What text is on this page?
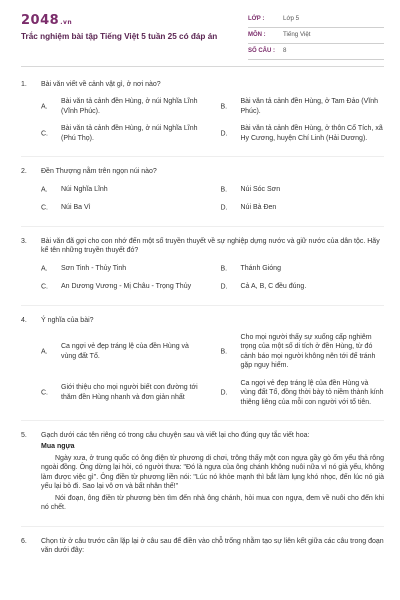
2048.vn
Trắc nghiệm bài tập Tiếng Việt 5 tuần 25 có đáp án
LỚP :	Lớp 5
MÔN :	Tiếng Việt
SỐ CÂU :	8
1. Bài văn viết về cảnh vật gì, ở nơi nào?
A.
Bài văn tả cảnh đền Hùng, ở núi Nghĩa Lĩnh (Vĩnh Phúc).
B.
Bài văn tả cảnh đền Hùng, ở Tam Đảo (Vĩnh Phúc).
C.
Bài văn tả cảnh đền Hùng, ở núi Nghĩa Lĩnh (Phú Thọ).
D.
Bài văn tả cảnh đền Hùng, ở thôn Cổ Tích, xã Hy Cương, huyện Chí Linh (Hải Dương).
2. Đền Thượng nằm trên ngọn núi nào?
A. Núi Nghĩa Lĩnh	B. Núi Sóc Sơn
C. Núi Ba Vì	D. Núi Bà Đen
3. Bài văn đã gợi cho con nhớ đến một số truyền thuyết về sự nghiệp dựng nước và giữ nước của dân tộc. Hãy kể tên những truyền thuyết đó?
A. Sơn Tinh - Thủy Tinh	B. Thánh Gióng
C. An Dương Vương - Mị Châu - Trọng Thủy	D. Cả A, B, C đều đúng.
4. Ý nghĩa của bài?
A.
Ca ngợi vẻ đẹp tráng lệ của đền Hùng và vùng đất Tổ.
B.
Cho mọi người thấy sự xuống cấp nghiêm trọng của một số di tích ở đền Hùng, từ đó cảnh báo mọi người không nên tới để tránh gặp nguy hiểm.
C.
Giới thiệu cho mọi người biết con đường tới thăm đền Hùng nhanh và đơn giản nhất
D.
Ca ngợi vẻ đẹp tráng lệ của đền Hùng và vùng đất Tổ, đồng thời bày tỏ niềm thành kính thiêng liêng của mỗi con người với tổ tiên.
5. Gạch dưới các tên riêng có trong câu chuyện sau và viết lại cho đúng quy tắc viết hoa:
Mua ngựa

Ngày xưa, ở trung quốc có ông điện từ phương di chơi, trông thấy một con ngựa gầy gò ốm yếu thả rông ngoài đồng. Ông dừng lại hỏi, có người thưa: "Đó là ngựa của ông chánh không nuôi nữa vì nó già yếu, không làm được việc gì". Ông điền từ phương liền nói: "Lúc nó khỏe mạnh thì bắt làm lụng khó nhọc, đến lúc nó già yếu lại bỏ đi. Sao lại vô ơn và bất nhân thế!"

Nói đoạn, ông điền từ phương bèn tìm đến nhà ông chánh, hỏi mua con ngựa, đem về nuôi cho đến khi nó chết.

6. Chọn từ ở câu trước cần lặp lại ở câu sau để điền vào chỗ trống nhằm tạo sự liên kết giữa các câu trong đoạn văn dưới đây:
